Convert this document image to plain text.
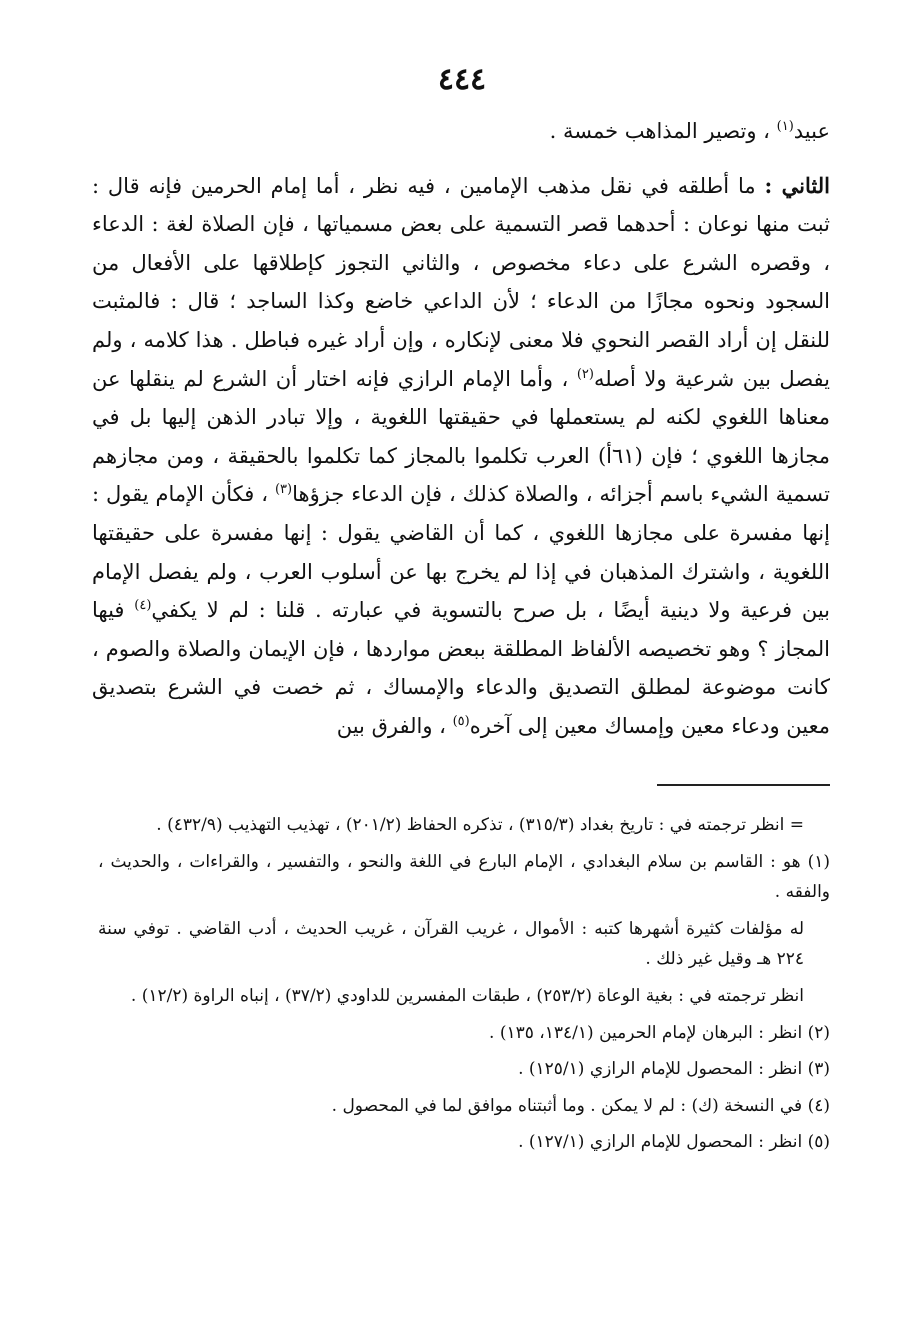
٤٤٤

عبيد$^{(١)}$ ، وتصير المذاهب خمسة .

الثاني : ما أطلقه في نقل مذهب الإمامين ، فيه نظر ، أما إمام الحرمين فإنه قال : ثبت منها نوعان : أحدهما قصر التسمية على بعض مسمياتها ، فإن الصلاة لغة : الدعاء ، وقصره الشرع على دعاء مخصوص ، والثاني التجوز كإطلاقها على الأفعال من السجود ونحوه مجازًا من الدعاء ؛ لأن الداعي خاضع وكذا الساجد ؛ قال : فالمثبت للنقل إن أراد القصر النحوي فلا معنى لإنكاره ، وإن أراد غيره فباطل . هذا كلامه ، ولم يفصل بين شرعية ولا أصله$^{(٢)}$ ، وأما الإمام الرازي فإنه اختار أن الشرع لم ينقلها عن معناها اللغوي لكنه لم يستعملها في حقيقتها اللغوية ، وإلا تبادر الذهن إليها بل في مجازها اللغوي ؛ فإن (٦١أ) العرب تكلموا بالمجاز كما تكلموا بالحقيقة ، ومن مجازهم تسمية الشيء باسم أجزائه ، والصلاة كذلك ، فإن الدعاء جزؤها$^{(٣)}$ ، فكأن الإمام يقول : إنها مفسرة على مجازها اللغوي ، كما أن القاضي يقول : إنها مفسرة على حقيقتها اللغوية ، واشترك المذهبان في إذا لم يخرج بها عن أسلوب العرب ، ولم يفصل الإمام بين فرعية ولا دينية أيضًا ، بل صرح بالتسوية في عبارته . قلنا : لم لا يكفي$^{(٤)}$ فيها المجاز ؟ وهو تخصيصه الألفاظ المطلقة ببعض مواردها ، فإن الإيمان والصلاة والصوم ، كانت موضوعة لمطلق التصديق والدعاء والإمساك ، ثم خصت في الشرع بتصديق معين ودعاء معين وإمساك معين إلى آخره$^{(٥)}$ ، والفرق بين

= انظر ترجمته في : تاريخ بغداد (٣١٥/٣) ، تذكره الحفاظ (٢٠١/٢) ، تهذيب التهذيب (٤٣٢/٩) .

(١) هو : القاسم بن سلام البغدادي ، الإمام البارع في اللغة والنحو ، والتفسير ، والقراءات ، والحديث ، والفقه .

له مؤلفات كثيرة أشهرها كتبه : الأموال ، غريب القرآن ، غريب الحديث ، أدب القاضي . توفي سنة ٢٢٤ هـ وقيل غير ذلك .

انظر ترجمته في : بغية الوعاة (٢٥٣/٢) ، طبقات المفسرين للداودي (٣٧/٢) ، إنباه الراوة (١٢/٢) .

(٢) انظر : البرهان لإمام الحرمين (١٣٤/١، ١٣٥) .

(٣) انظر : المحصول للإمام الرازي (١٢٥/١) .

(٤) في النسخة (ك) : لم لا يمكن . وما أثبتناه موافق لما في المحصول .

(٥) انظر : المحصول للإمام الرازي (١٢٧/١) .
